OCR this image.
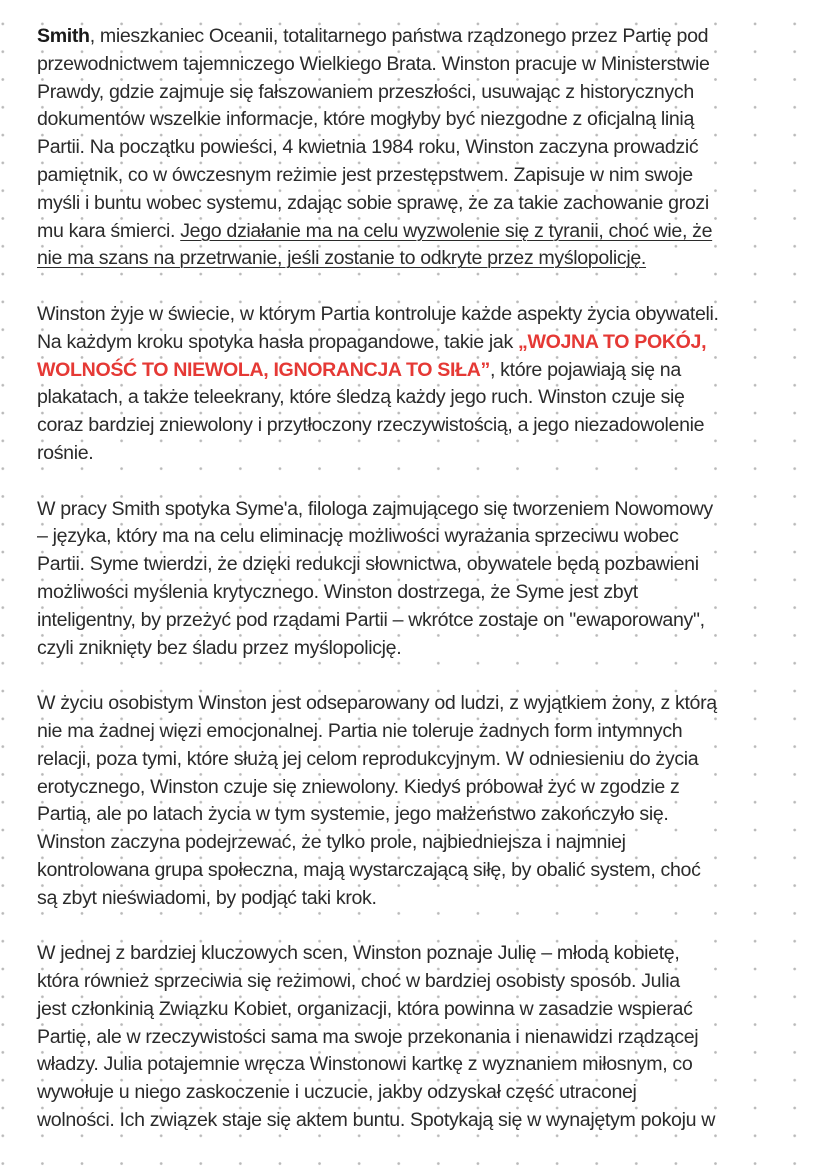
Smith, mieszkaniec Oceanii, totalitarnego państwa rządzonego przez Partię pod
przewodnictwem tajemniczego Wielkiego Brata. Winston pracuje w Ministerstwie
Prawdy, gdzie zajmuje się fałszowaniem przeszłości, usuwając z historycznych
dokumentów wszelkie informacje, które mogłyby być niezgodne z oficjalną linią
Partii. Na początku powieści, 4 kwietnia 1984 roku, Winston zaczyna prowadzić
pamiętnik, co w ówczesnym reżimie jest przestępstwem. Zapisuje w nim swoje
myśli i buntu wobec systemu, zdając sobie sprawę, że za takie zachowanie grozi
mu kara śmierci. Jego działanie ma na celu wyzwolenie się z tyranii, choć wie, że
nie ma szans na przetrwanie, jeśli zostanie to odkryte przez myślopolicję.
Winston żyje w świecie, w którym Partia kontroluje każde aspekty życia obywateli.
Na każdym kroku spotyka hasła propagandowe, takie jak „WOJNA TO POKÓJ,
WOLNOŚĆ TO NIEWOLA, IGNORANCJA TO SIŁA”, które pojawiają się na
plakatach, a także teleekrany, które śledzą każdy jego ruch. Winston czuje się
coraz bardziej zniewolony i przytłoczony rzeczywistością, a jego niezadowolenie
rośnie.
W pracy Smith spotyka Syme'a, filologa zajmującego się tworzeniem Nowomowy
– języka, który ma na celu eliminację możliwości wyrażania sprzeciwu wobec
Partii. Syme twierdzi, że dzięki redukcji słownictwa, obywatele będą pozbawieni
możliwości myślenia krytycznego. Winston dostrzega, że Syme jest zbyt
inteligentny, by przeżyć pod rządami Partii – wkrótce zostaje on "ewaporowany",
czyli zniknięty bez śladu przez myślopolicję.
W życiu osobistym Winston jest odseparowany od ludzi, z wyjątkiem żony, z którą
nie ma żadnej więzi emocjonalnej. Partia nie toleruje żadnych form intymnych
relacji, poza tymi, które służą jej celom reprodukcyjnym. W odniesieniu do życia
erotycznego, Winston czuje się zniewolony. Kiedyś próbował żyć w zgodzie z
Partią, ale po latach życia w tym systemie, jego małżeństwo zakończyło się.
Winston zaczyna podejrzewać, że tylko prole, najbiedniejsza i najmniej
kontrolowana grupa społeczna, mają wystarczającą siłę, by obalić system, choć
są zbyt nieświadomi, by podjąć taki krok.
W jednej z bardziej kluczowych scen, Winston poznaje Julię – młodą kobietę,
która również sprzeciwia się reżimowi, choć w bardziej osobisty sposób. Julia
jest członkinią Związku Kobiet, organizacji, która powinna w zasadzie wspierać
Partię, ale w rzeczywistości sama ma swoje przekonania i nienawidzi rządzącej
władzy. Julia potajemnie wręcza Winstonowi kartkę z wyznaniem miłosnym, co
wywołuje u niego zaskoczenie i uczucie, jakby odzyskał część utraconej
wolności. Ich związek staje się aktem buntu. Spotykają się w wynajętym pokoju w
